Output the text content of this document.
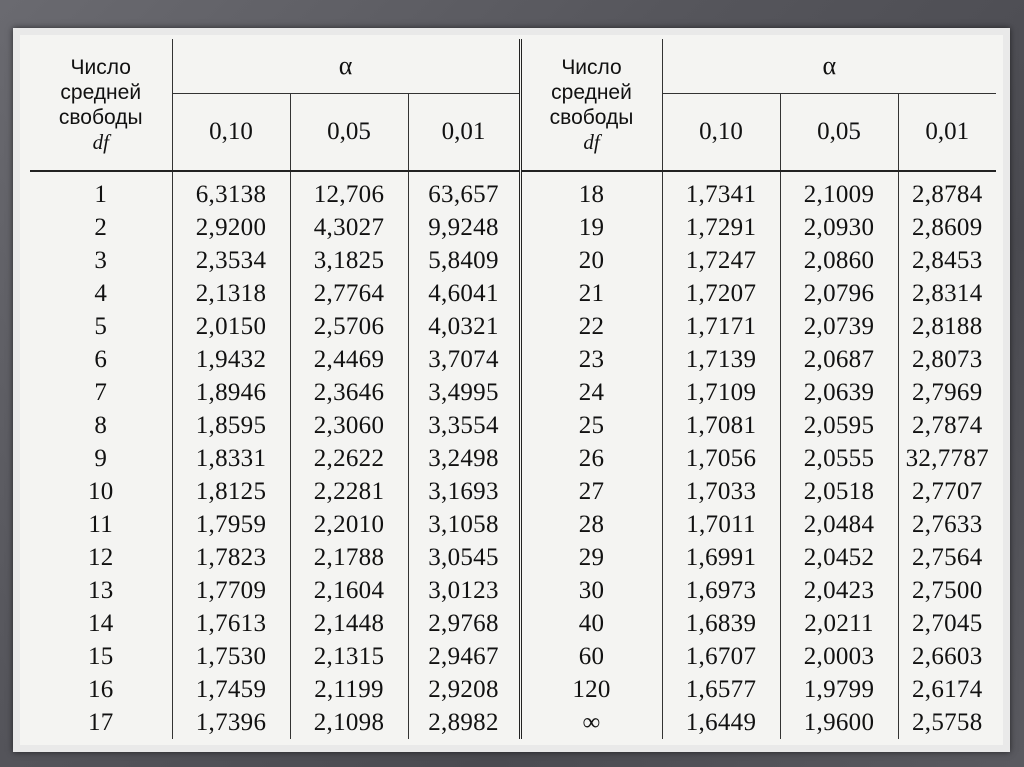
Число
средней
свободы
df	α			Число
средней
свободы
df	α		
	0,10	0,05	0,01		0,10	0,05	0,01
1	6,3138	12,706	63,657	18	1,7341	2,1009	2,8784
2	2,9200	4,3027	9,9248	19	1,7291	2,0930	2,8609
3	2,3534	3,1825	5,8409	20	1,7247	2,0860	2,8453
4	2,1318	2,7764	4,6041	21	1,7207	2,0796	2,8314
5	2,0150	2,5706	4,0321	22	1,7171	2,0739	2,8188
6	1,9432	2,4469	3,7074	23	1,7139	2,0687	2,8073
7	1,8946	2,3646	3,4995	24	1,7109	2,0639	2,7969
8	1,8595	2,3060	3,3554	25	1,7081	2,0595	2,7874
9	1,8331	2,2622	3,2498	26	1,7056	2,0555	32,7787
10	1,8125	2,2281	3,1693	27	1,7033	2,0518	2,7707
11	1,7959	2,2010	3,1058	28	1,7011	2,0484	2,7633
12	1,7823	2,1788	3,0545	29	1,6991	2,0452	2,7564
13	1,7709	2,1604	3,0123	30	1,6973	2,0423	2,7500
14	1,7613	2,1448	2,9768	40	1,6839	2,0211	2,7045
15	1,7530	2,1315	2,9467	60	1,6707	2,0003	2,6603
16	1,7459	2,1199	2,9208	120	1,6577	1,9799	2,6174
17	1,7396	2,1098	2,8982	∞	1,6449	1,9600	2,5758
